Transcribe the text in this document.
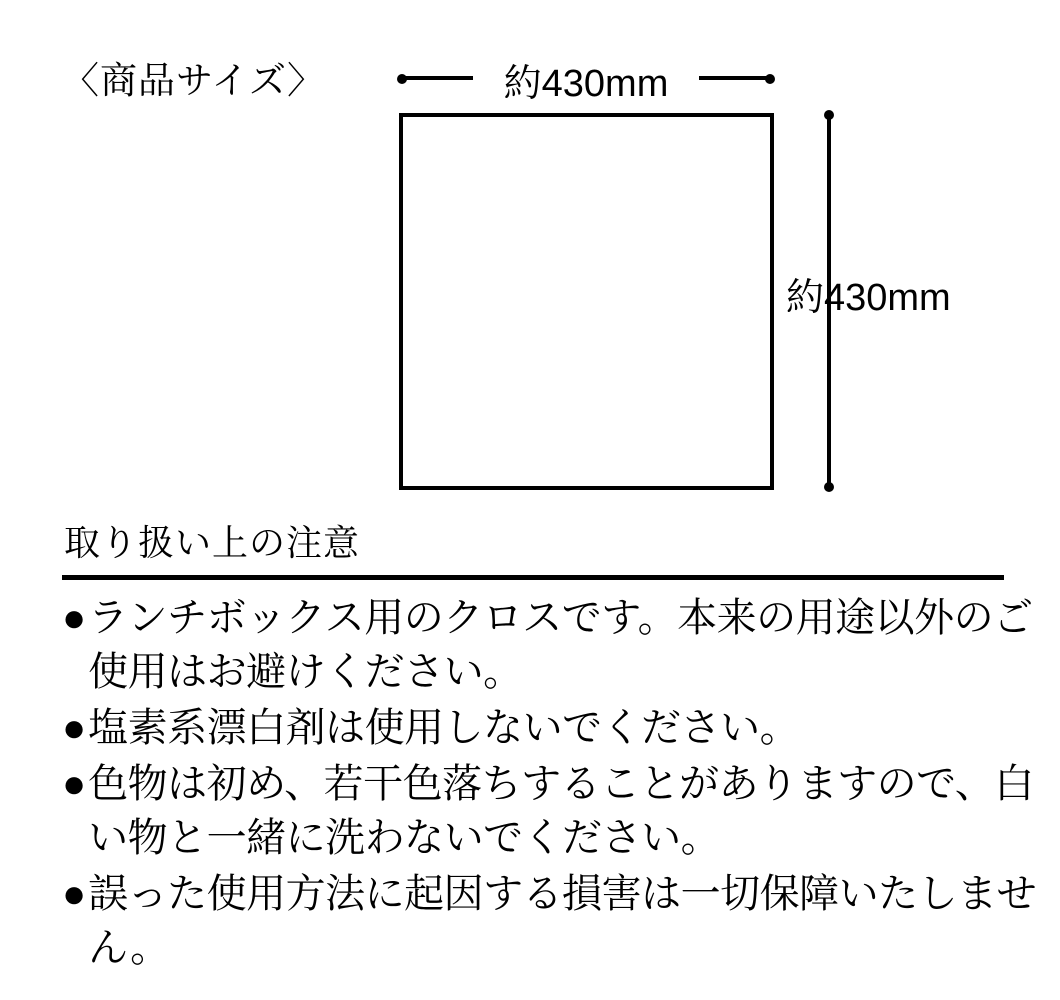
〈商品サイズ〉	約430mm
約430mm
取り扱い上の注意
● ランチボックス用のクロスです。本来の用途以外のご使用はお避けください。
● 塩素系漂白剤は使用しないでください。
● 色物は初め、若干色落ちすることがありますので、白い物と一緒に洗わないでください。
● 誤った使用方法に起因する損害は一切保障いたしません。
